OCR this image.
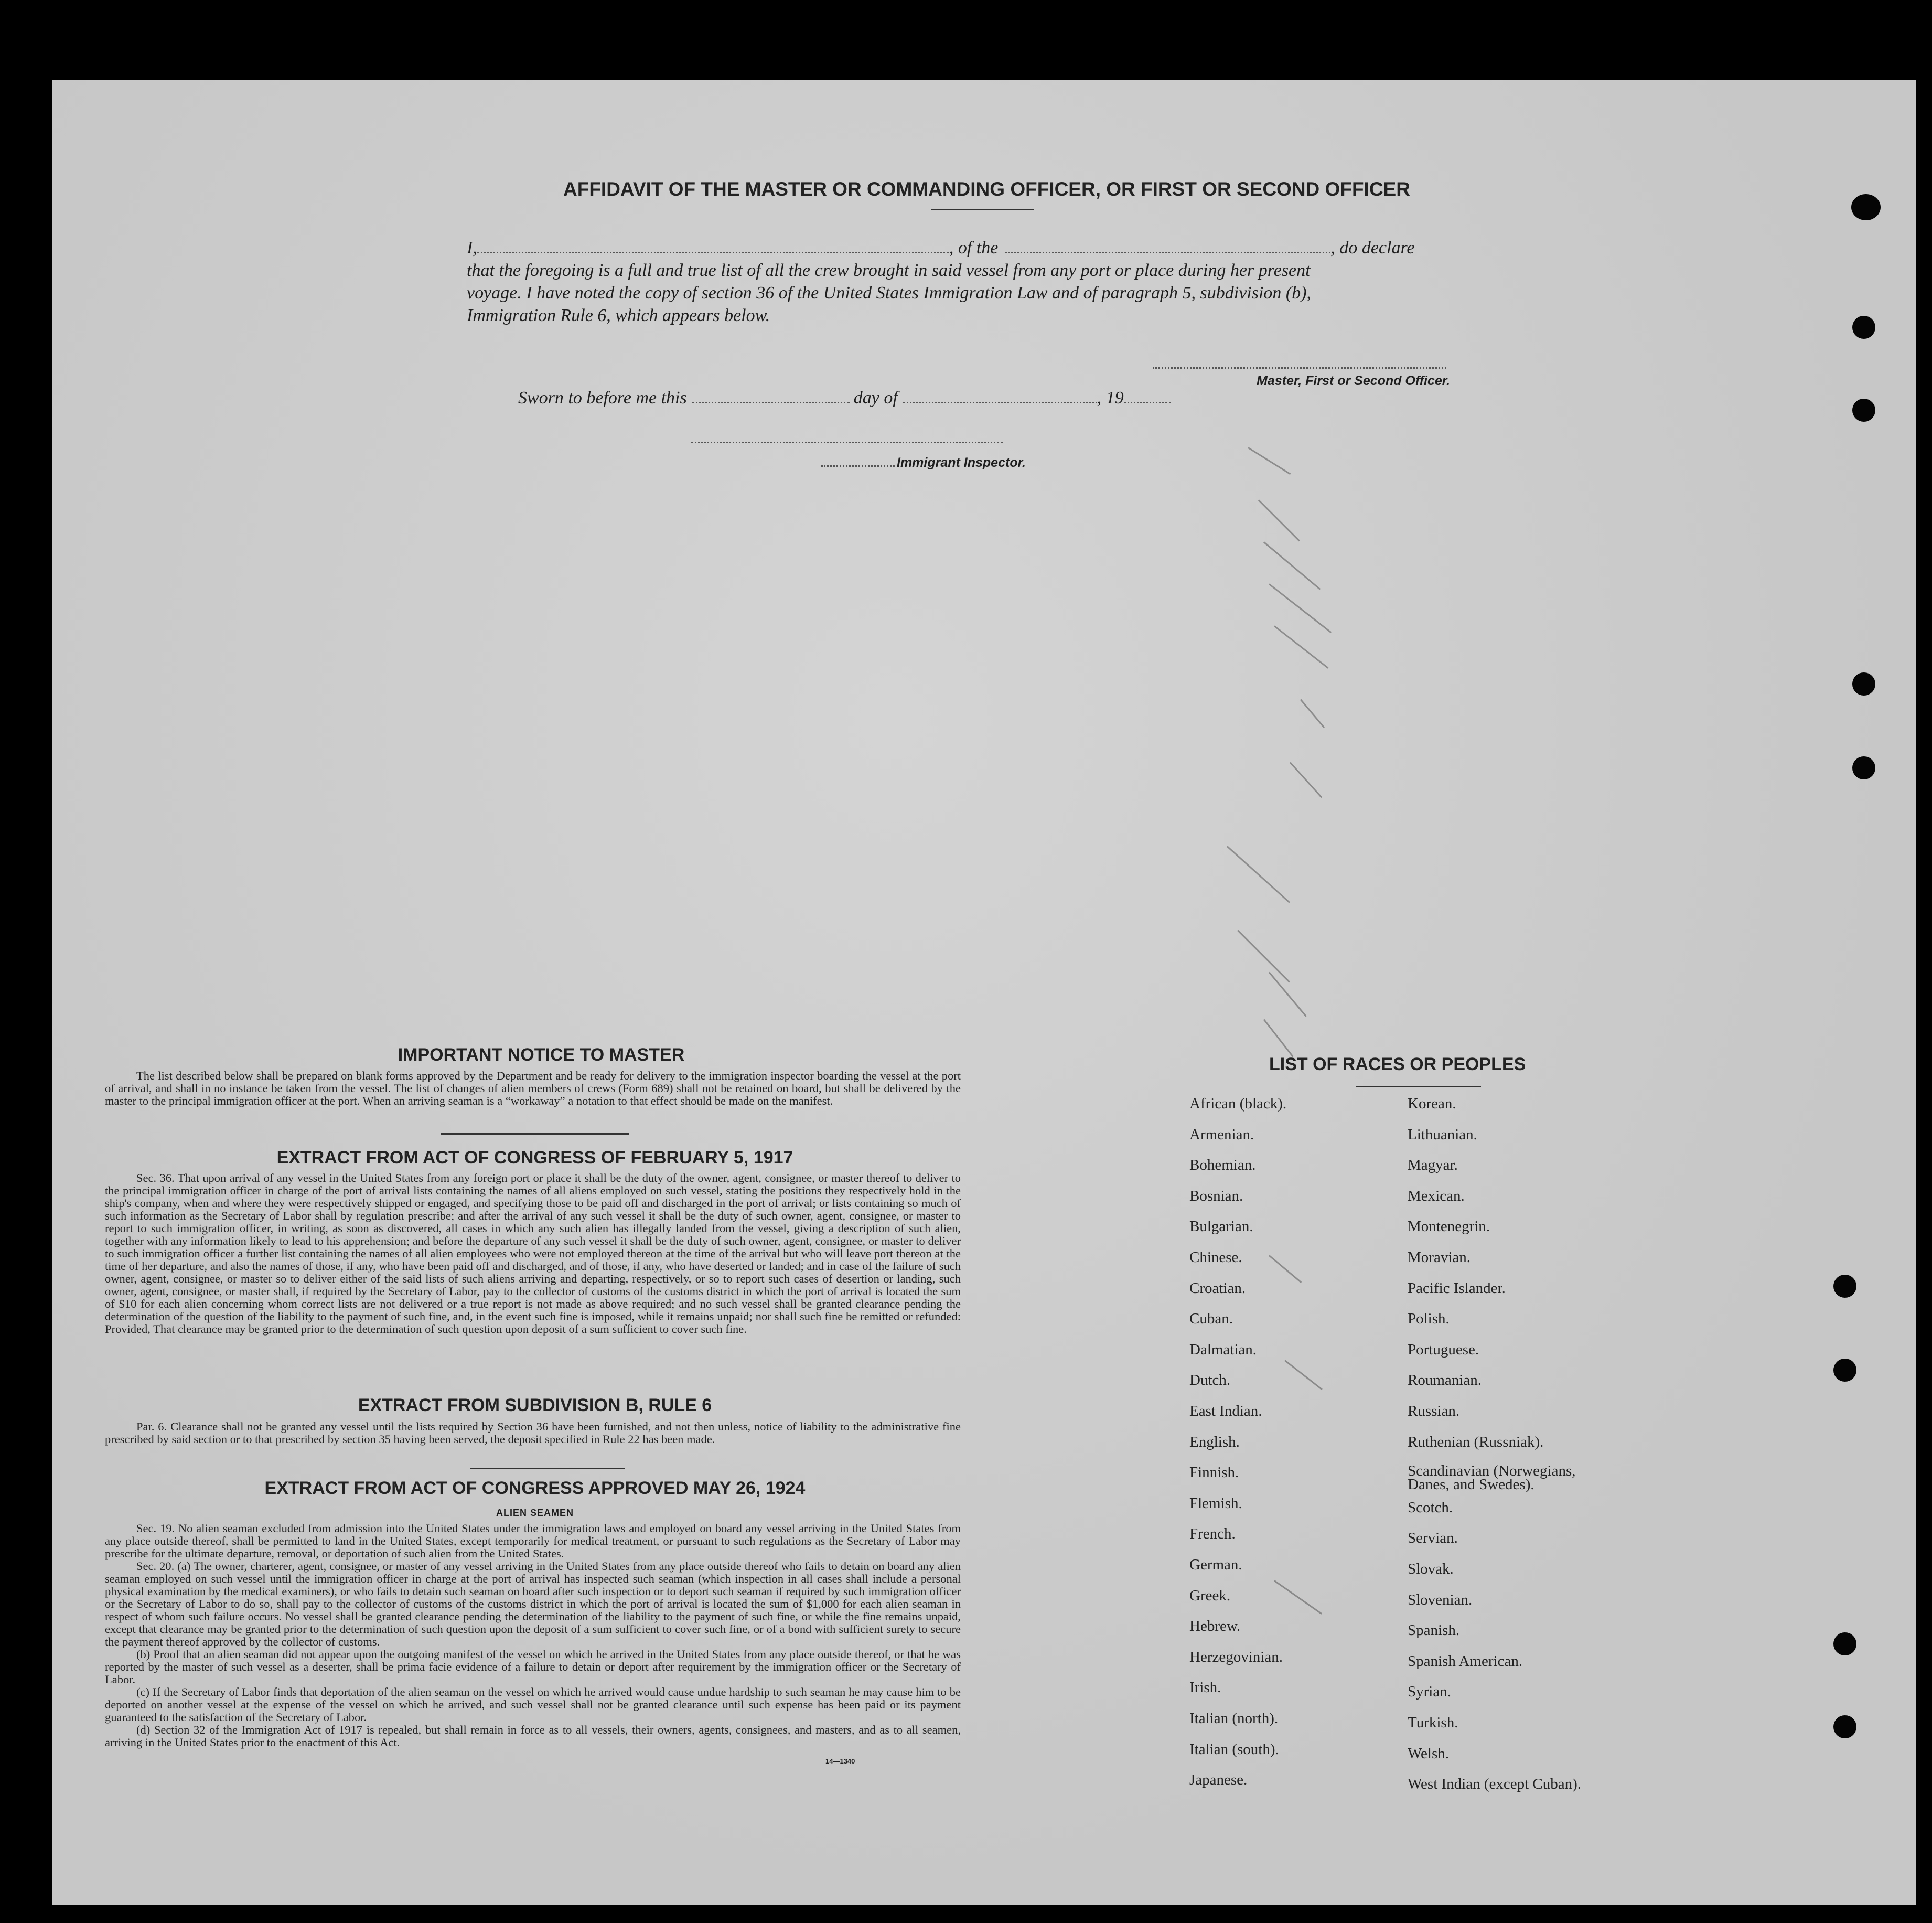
AFFIDAVIT OF THE MASTER OR COMMANDING OFFICER, OR FIRST OR SECOND OFFICER
I,	, of the	, do declare
that the foregoing is a full and true list of all the crew brought in said vessel from any port or place during her present
voyage. I have noted the copy of section 36 of the United States Immigration Law and of paragraph 5, subdivision (b),
Immigration Rule 6, which appears below.
Master, First or Second Officer.
Sworn to before me this	day of	, 19
Immigrant Inspector.
IMPORTANT NOTICE TO MASTER

The list described below shall be prepared on blank forms approved by the Department and be ready for delivery to the immigration inspector boarding the vessel at the port of arrival, and shall in no instance be taken from the vessel. The list of changes of alien members of crews (Form 689) shall not be retained on board, but shall be delivered by the master to the principal immigration officer at the port. When an arriving seaman is a “workaway” a notation to that effect should be made on the manifest.

EXTRACT FROM ACT OF CONGRESS OF FEBRUARY 5, 1917

Sec. 36. That upon arrival of any vessel in the United States from any foreign port or place it shall be the duty of the owner, agent, consignee, or master thereof to deliver to the principal immigration officer in charge of the port of arrival lists containing the names of all aliens employed on such vessel, stating the positions they respectively hold in the ship's company, when and where they were respectively shipped or engaged, and specifying those to be paid off and discharged in the port of arrival; or lists containing so much of such information as the Secretary of Labor shall by regulation prescribe; and after the arrival of any such vessel it shall be the duty of such owner, agent, consignee, or master to report to such immigration officer, in writing, as soon as discovered, all cases in which any such alien has illegally landed from the vessel, giving a description of such alien, together with any information likely to lead to his apprehension; and before the departure of any such vessel it shall be the duty of such owner, agent, consignee, or master to deliver to such immigration officer a further list containing the names of all alien employees who were not employed thereon at the time of the arrival but who will leave port thereon at the time of her departure, and also the names of those, if any, who have been paid off and discharged, and of those, if any, who have deserted or landed; and in case of the failure of such owner, agent, consignee, or master so to deliver either of the said lists of such aliens arriving and departing, respectively, or so to report such cases of desertion or landing, such owner, agent, consignee, or master shall, if required by the Secretary of Labor, pay to the collector of customs of the customs district in which the port of arrival is located the sum of $10 for each alien concerning whom correct lists are not delivered or a true report is not made as above required; and no such vessel shall be granted clearance pending the determination of the question of the liability to the payment of such fine, and, in the event such fine is imposed, while it remains unpaid; nor shall such fine be remitted or refunded: Provided, That clearance may be granted prior to the determination of such question upon deposit of a sum sufficient to cover such fine.

EXTRACT FROM SUBDIVISION B, RULE 6

Par. 6. Clearance shall not be granted any vessel until the lists required by Section 36 have been furnished, and not then unless, notice of liability to the administrative fine prescribed by said section or to that prescribed by section 35 having been served, the deposit specified in Rule 22 has been made.

EXTRACT FROM ACT OF CONGRESS APPROVED MAY 26, 1924
ALIEN SEAMEN

Sec. 19. No alien seaman excluded from admission into the United States under the immigration laws and employed on board any vessel arriving in the United States from any place outside thereof, shall be permitted to land in the United States, except temporarily for medical treatment, or pursuant to such regulations as the Secretary of Labor may prescribe for the ultimate departure, removal, or deportation of such alien from the United States.

Sec. 20. (a) The owner, charterer, agent, consignee, or master of any vessel arriving in the United States from any place outside thereof who fails to detain on board any alien seaman employed on such vessel until the immigration officer in charge at the port of arrival has inspected such seaman (which inspection in all cases shall include a personal physical examination by the medical examiners), or who fails to detain such seaman on board after such inspection or to deport such seaman if required by such immigration officer or the Secretary of Labor to do so, shall pay to the collector of customs of the customs district in which the port of arrival is located the sum of $1,000 for each alien seaman in respect of whom such failure occurs. No vessel shall be granted clearance pending the determination of the liability to the payment of such fine, or while the fine remains unpaid, except that clearance may be granted prior to the determination of such question upon the deposit of a sum sufficient to cover such fine, or of a bond with sufficient surety to secure the payment thereof approved by the collector of customs.

(b) Proof that an alien seaman did not appear upon the outgoing manifest of the vessel on which he arrived in the United States from any place outside thereof, or that he was reported by the master of such vessel as a deserter, shall be prima facie evidence of a failure to detain or deport after requirement by the immigration officer or the Secretary of Labor.

(c) If the Secretary of Labor finds that deportation of the alien seaman on the vessel on which he arrived would cause undue hardship to such seaman he may cause him to be deported on another vessel at the expense of the vessel on which he arrived, and such vessel shall not be granted clearance until such expense has been paid or its payment guaranteed to the satisfaction of the Secretary of Labor.

(d) Section 32 of the Immigration Act of 1917 is repealed, but shall remain in force as to all vessels, their owners, agents, consignees, and masters, and as to all seamen, arriving in the United States prior to the enactment of this Act.

14—1340
LIST OF RACES OR PEOPLES
African (black).
Armenian.
Bohemian.
Bosnian.
Bulgarian.
Chinese.
Croatian.
Cuban.
Dalmatian.
Dutch.
East Indian.
English.
Finnish.
Flemish.
French.
German.
Greek.
Hebrew.
Herzegovinian.
Irish.
Italian (north).
Italian (south).
Japanese.
Korean.
Lithuanian.
Magyar.
Mexican.
Montenegrin.
Moravian.
Pacific Islander.
Polish.
Portuguese.
Roumanian.
Russian.
Ruthenian (Russniak).
Scandinavian (Norwegians, Danes, and Swedes).
Scotch.
Servian.
Slovak.
Slovenian.
Spanish.
Spanish American.
Syrian.
Turkish.
Welsh.
West Indian (except Cuban).
